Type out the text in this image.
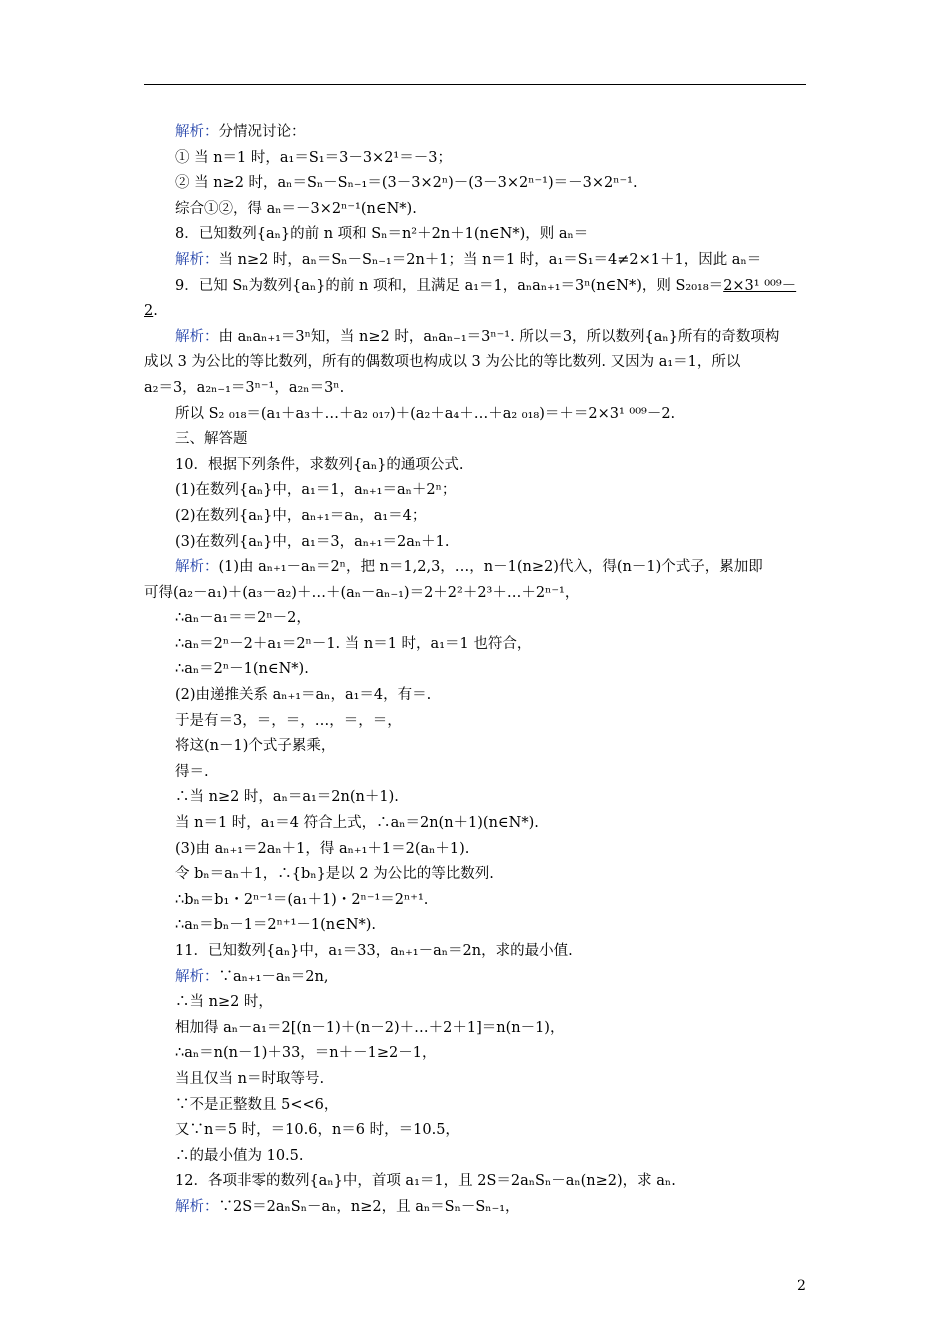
解析：分情况讨论：
① 当 n＝1 时，a₁＝S₁＝3－3×2¹＝－3；
② 当 n≥2 时，aₙ＝Sₙ－Sₙ₋₁＝(3－3×2ⁿ)－(3－3×2ⁿ⁻¹)＝－3×2ⁿ⁻¹.
综合①②，得 aₙ＝－3×2ⁿ⁻¹(n∈N*).
8．已知数列{aₙ}的前 n 项和 Sₙ＝n²＋2n＋1(n∈N*)，则 aₙ＝
解析：当 n≥2 时，aₙ＝Sₙ－Sₙ₋₁＝2n＋1；当 n＝1 时，a₁＝S₁＝4≠2×1＋1，因此 aₙ＝
9．已知 Sₙ为数列{aₙ}的前 n 项和，且满足 a₁＝1，aₙaₙ₊₁＝3ⁿ(n∈N*)，则 S₂₀₁₈＝2×3¹ ⁰⁰⁹－
2.
解析：由 aₙaₙ₊₁＝3ⁿ知，当 n≥2 时，aₙaₙ₋₁＝3ⁿ⁻¹. 所以＝3，所以数列{aₙ}所有的奇数项构
成以 3 为公比的等比数列，所有的偶数项也构成以 3 为公比的等比数列. 又因为 a₁＝1，所以
a₂＝3，a₂ₙ₋₁＝3ⁿ⁻¹，a₂ₙ＝3ⁿ.
所以 S₂ ₀₁₈＝(a₁＋a₃＋…＋a₂ ₀₁₇)＋(a₂＋a₄＋…＋a₂ ₀₁₈)＝＋＝2×3¹ ⁰⁰⁹－2.
三、解答题
10．根据下列条件，求数列{aₙ}的通项公式.
(1)在数列{aₙ}中，a₁＝1，aₙ₊₁＝aₙ＋2ⁿ；
(2)在数列{aₙ}中，aₙ₊₁＝aₙ，a₁＝4；
(3)在数列{aₙ}中，a₁＝3，aₙ₊₁＝2aₙ＋1.
解析：(1)由 aₙ₊₁－aₙ＝2ⁿ，把 n＝1,2,3，…，n－1(n≥2)代入，得(n－1)个式子，累加即
可得(a₂－a₁)＋(a₃－a₂)＋…＋(aₙ－aₙ₋₁)＝2＋2²＋2³＋…＋2ⁿ⁻¹，
∴aₙ－a₁＝＝2ⁿ－2，
∴aₙ＝2ⁿ－2＋a₁＝2ⁿ－1. 当 n＝1 时，a₁＝1 也符合，
∴aₙ＝2ⁿ－1(n∈N*).
(2)由递推关系 aₙ₊₁＝aₙ，a₁＝4，有＝.
于是有＝3，＝，＝，…，＝，＝，
将这(n－1)个式子累乘，
得＝.
∴当 n≥2 时，aₙ＝a₁＝2n(n＋1).
当 n＝1 时，a₁＝4 符合上式，∴aₙ＝2n(n＋1)(n∈N*).
(3)由 aₙ₊₁＝2aₙ＋1，得 aₙ₊₁＋1＝2(aₙ＋1).
令 bₙ＝aₙ＋1，∴{bₙ}是以 2 为公比的等比数列.
∴bₙ＝b₁・2ⁿ⁻¹＝(a₁＋1)・2ⁿ⁻¹＝2ⁿ⁺¹.
∴aₙ＝bₙ－1＝2ⁿ⁺¹－1(n∈N*).
11．已知数列{aₙ}中，a₁＝33，aₙ₊₁－aₙ＝2n，求的最小值.
解析：∵aₙ₊₁－aₙ＝2n,
∴当 n≥2 时，
相加得 aₙ－a₁＝2[(n－1)＋(n－2)＋…＋2＋1]＝n(n－1)，
∴aₙ＝n(n－1)＋33，＝n＋－1≥2－1，
当且仅当 n＝时取等号.
∵不是正整数且 5<<6，
又∵n＝5 时，＝10.6，n＝6 时，＝10.5，
∴的最小值为 10.5.
12．各项非零的数列{aₙ}中，首项 a₁＝1，且 2S＝2aₙSₙ－aₙ(n≥2)，求 aₙ.
解析：∵2S＝2aₙSₙ－aₙ，n≥2，且 aₙ＝Sₙ－Sₙ₋₁，
2
